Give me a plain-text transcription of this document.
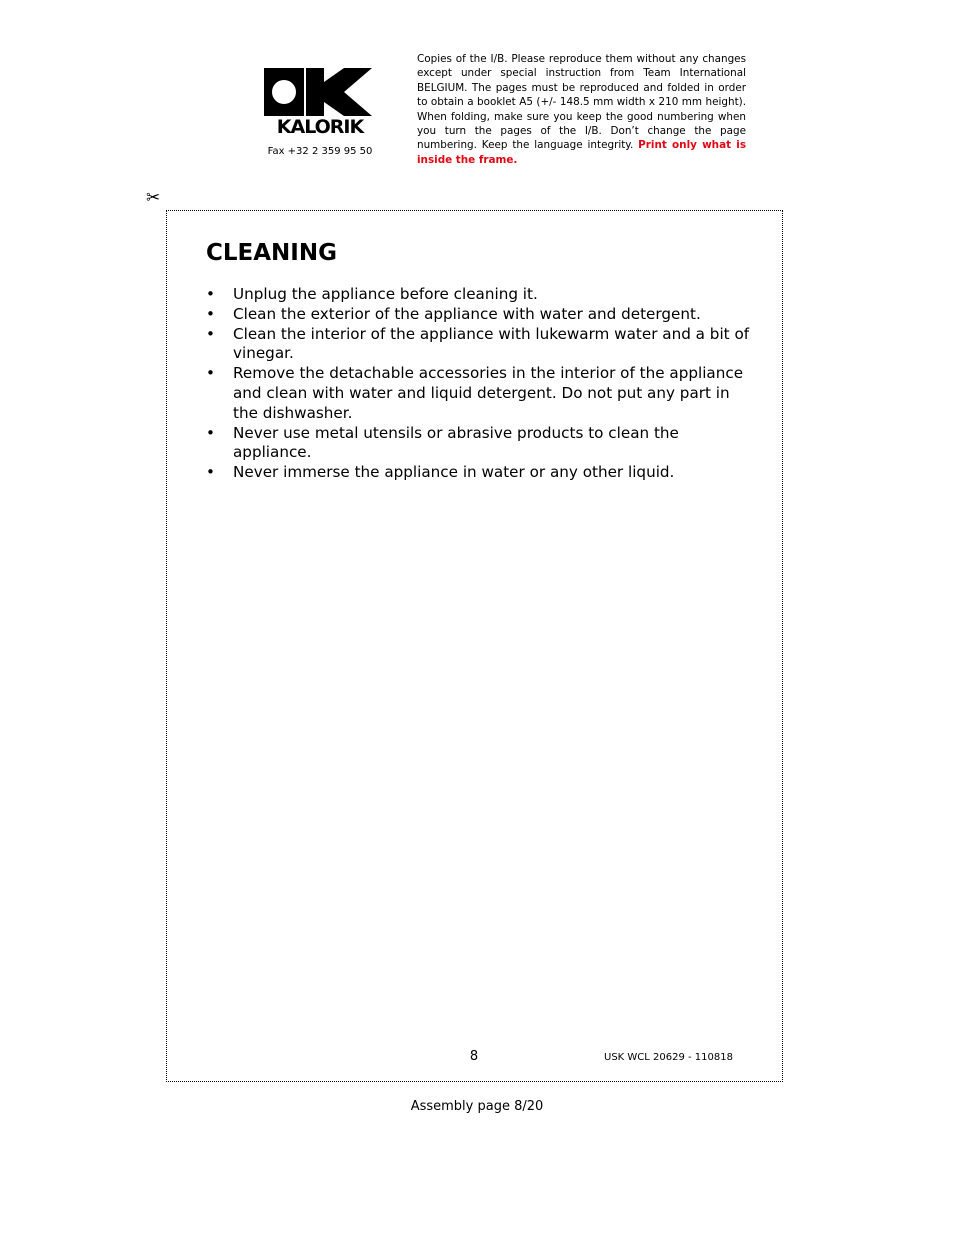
KALORIK
Fax +32 2 359 95 50
Copies of the I/B. Please reproduce them without any changes except under special instruction from Team International BELGIUM. The pages must be reproduced and folded in order to obtain a booklet A5 (+/- 148.5 mm width x 210 mm height). When folding, make sure you keep the good numbering when you turn the pages of the I/B. Don’t change the page numbering. Keep the language integrity. Print only what is inside the frame.
✂
CLEANING
• Unplug the appliance before cleaning it.
• Clean the exterior of the appliance with water and detergent.
• Clean the interior of the appliance with lukewarm water and a bit of vinegar.
• Remove the detachable accessories in the interior of the appliance and clean with water and liquid detergent. Do not put any part in the dishwasher.
• Never use metal utensils or abrasive products to clean the appliance.
• Never immerse the appliance in water or any other liquid.
8	USK WCL 20629 - 110818
Assembly page 8/20
